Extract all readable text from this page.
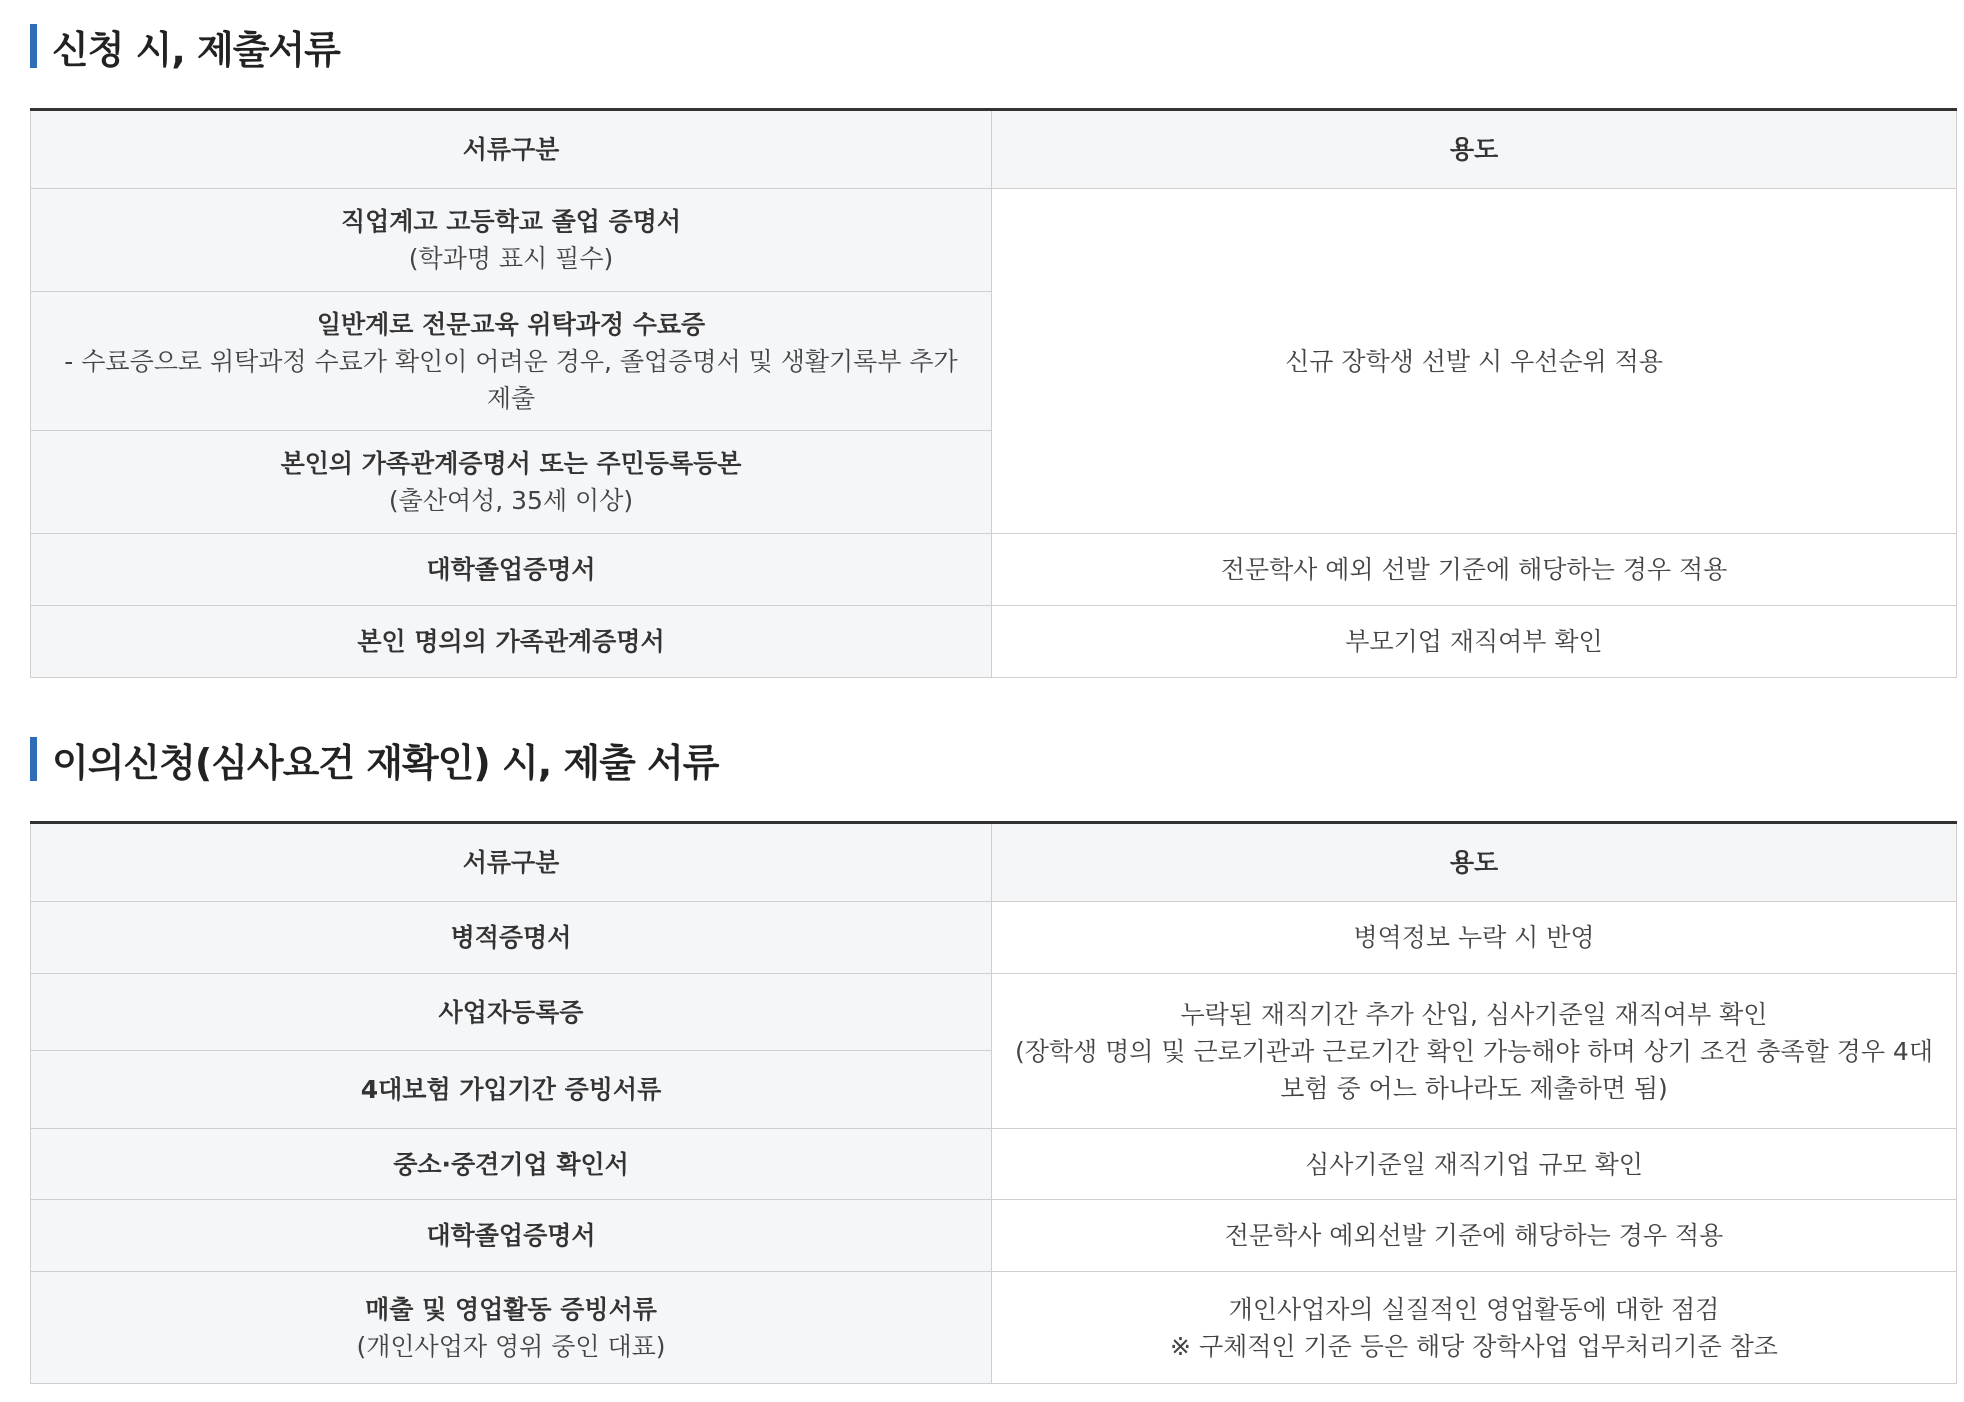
신청 시, 제출서류
서류구분	용도

직업계고 고등학교 졸업 증명서
(학과명 표시 필수)	신규 장학생 선발 시 우선순위 적용

일반계로 전문교육 위탁과정 수료증
- 수료증으로 위탁과정 수료가 확인이 어려운 경우, 졸업증명서 및 생활기록부 추가 제출	

본인의 가족관계증명서 또는 주민등록등본
(출산여성, 35세 이상)	

대학졸업증명서	전문학사 예외 선발 기준에 해당하는 경우 적용

본인 명의의 가족관계증명서	부모기업 재직여부 확인
이의신청(심사요건 재확인) 시, 제출 서류
서류구분	용도

병적증명서	병역정보 누락 시 반영

사업자등록증	누락된 재직기간 추가 산입, 심사기준일 재직여부 확인
(장학생 명의 및 근로기관과 근로기간 확인 가능해야 하며 상기 조건 충족할 경우 4대 보험 중 어느 하나라도 제출하면 됨)

4대보험 가입기간 증빙서류	

중소·중견기업 확인서	심사기준일 재직기업 규모 확인

대학졸업증명서	전문학사 예외선발 기준에 해당하는 경우 적용

매출 및 영업활동 증빙서류
(개인사업자 영위 중인 대표)	개인사업자의 실질적인 영업활동에 대한 점검
※ 구체적인 기준 등은 해당 장학사업 업무처리기준 참조
